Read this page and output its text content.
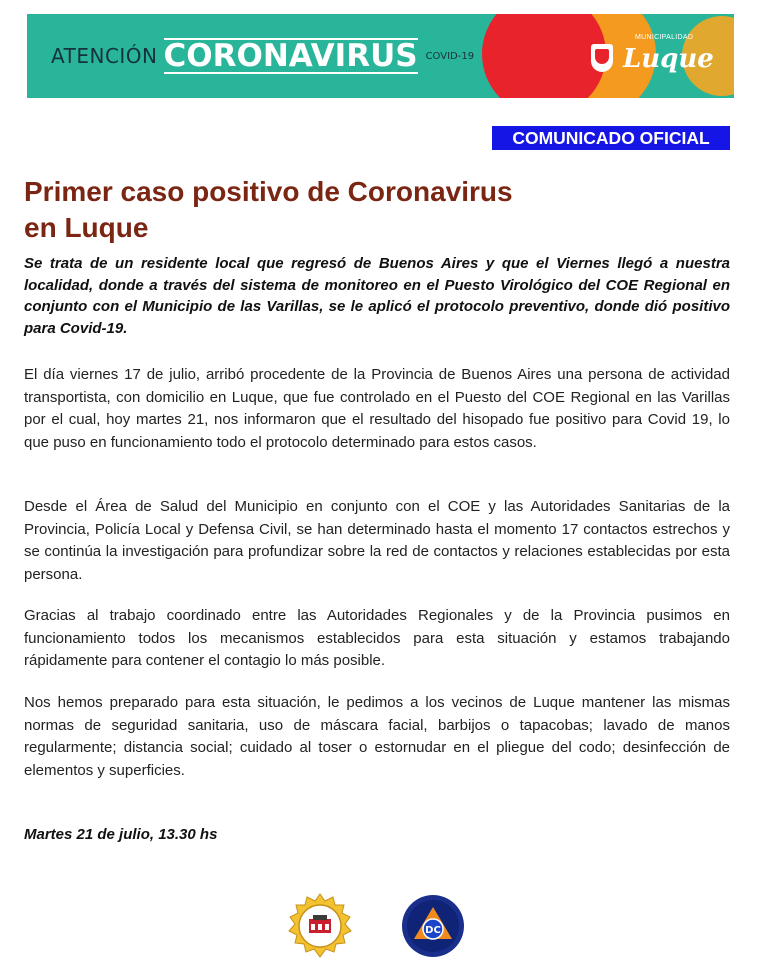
ATENCIÓN CORONAVIRUS COVID-19
MUNICIPALIDAD
Luque
COMUNICADO OFICIAL
Primer caso positivo de Coronavirus
en Luque
Se trata de un residente local que regresó de Buenos Aires y que el Viernes llegó a nuestra localidad, donde a través del sistema de monitoreo en el Puesto Virológico del COE Regional en conjunto con el Municipio de las Varillas, se le aplicó el protocolo preventivo, donde dió positivo para Covid-19.
El día viernes 17 de julio, arribó procedente de la Provincia de Buenos Aires una persona de actividad transportista, con domicilio en Luque, que fue controlado en el Puesto del COE Regional en las Varillas por el cual, hoy martes 21, nos informaron que el resultado del hisopado fue positivo para Covid 19, lo que puso en funcionamiento todo el protocolo determinado para estos casos.
Desde el Área de Salud del Municipio en conjunto con el COE y las Autoridades Sanitarias de la Provincia, Policía Local y Defensa Civil, se han determinado hasta el momento 17 contactos estrechos y se continúa la investigación para profundizar sobre la red de contactos y relaciones establecidas por esta persona.
Gracias al trabajo coordinado entre las Autoridades Regionales y de la Provincia pusimos en funcionamiento todos los mecanismos establecidos para esta situación y estamos trabajando rápidamente para contener el contagio lo más posible.
Nos hemos preparado para esta situación, le pedimos a los vecinos de Luque mantener las mismas normas de seguridad sanitaria, uso de máscara facial, barbijos o tapacobas; lavado de manos regularmente; distancia social; cuidado al toser o estornudar en el pliegue del codo; desinfección de elementos y superficies.
Martes 21 de julio, 13.30 hs
DC
